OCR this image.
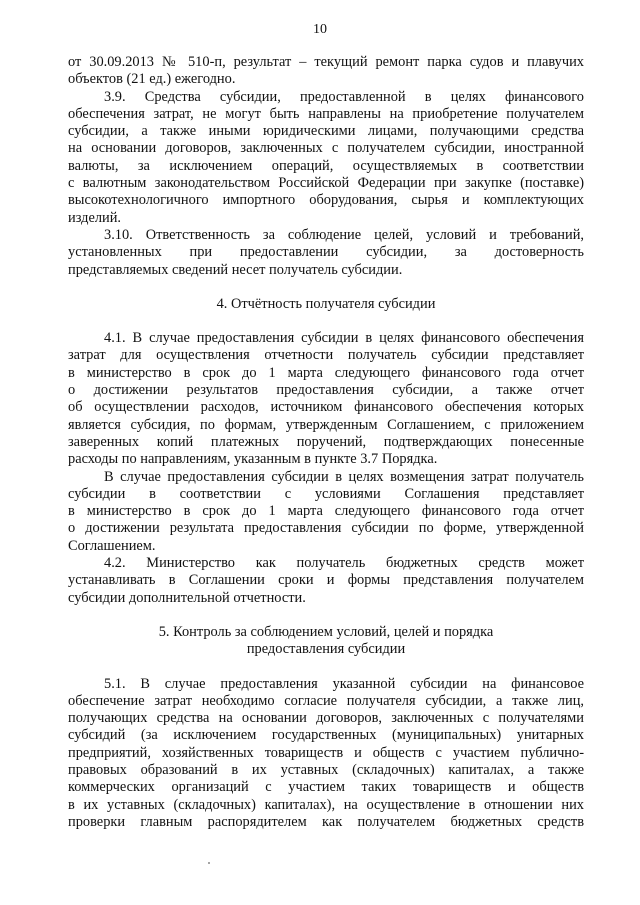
10
от 30.09.2013 № 510-п, результат – текущий ремонт парка судов и плавучих
объектов (21 ед.) ежегодно.
3.9. Средства субсидии, предоставленной в целях финансового
обеспечения затрат, не могут быть направлены на приобретение получателем
субсидии, а также иными юридическими лицами, получающими средства
на основании договоров, заключенных с получателем субсидии, иностранной
валюты, за исключением операций, осуществляемых в соответствии
с валютным законодательством Российской Федерации при закупке (поставке)
высокотехнологичного импортного оборудования, сырья и комплектующих
изделий.
3.10. Ответственность за соблюдение целей, условий и требований,
установленных при предоставлении субсидии, за достоверность
представляемых сведений несет получатель субсидии.
4. Отчётность получателя субсидии
4.1. В случае предоставления субсидии в целях финансового обеспечения
затрат для осуществления отчетности получатель субсидии представляет
в министерство в срок до 1 марта следующего финансового года отчет
о достижении результатов предоставления субсидии, а также отчет
об осуществлении расходов, источником финансового обеспечения которых
является субсидия, по формам, утвержденным Соглашением, с приложением
заверенных копий платежных поручений, подтверждающих понесенные
расходы по направлениям, указанным в пункте 3.7 Порядка.
В случае предоставления субсидии в целях возмещения затрат получатель
субсидии в соответствии с условиями Соглашения представляет
в министерство в срок до 1 марта следующего финансового года отчет
о достижении результата предоставления субсидии по форме, утвержденной
Соглашением.
4.2. Министерство как получатель бюджетных средств может
устанавливать в Соглашении сроки и формы представления получателем
субсидии дополнительной отчетности.
5. Контроль за соблюдением условий, целей и порядка
предоставления субсидии
5.1. В случае предоставления указанной субсидии на финансовое
обеспечение затрат необходимо согласие получателя субсидии, а также лиц,
получающих средства на основании договоров, заключенных с получателями
субсидий (за исключением государственных (муниципальных) унитарных
предприятий, хозяйственных товариществ и обществ с участием публично-
правовых образований в их уставных (складочных) капиталах, а также
коммерческих организаций с участием таких товариществ и обществ
в их уставных (складочных) капиталах), на осуществление в отношении них
проверки главным распорядителем как получателем бюджетных средств
